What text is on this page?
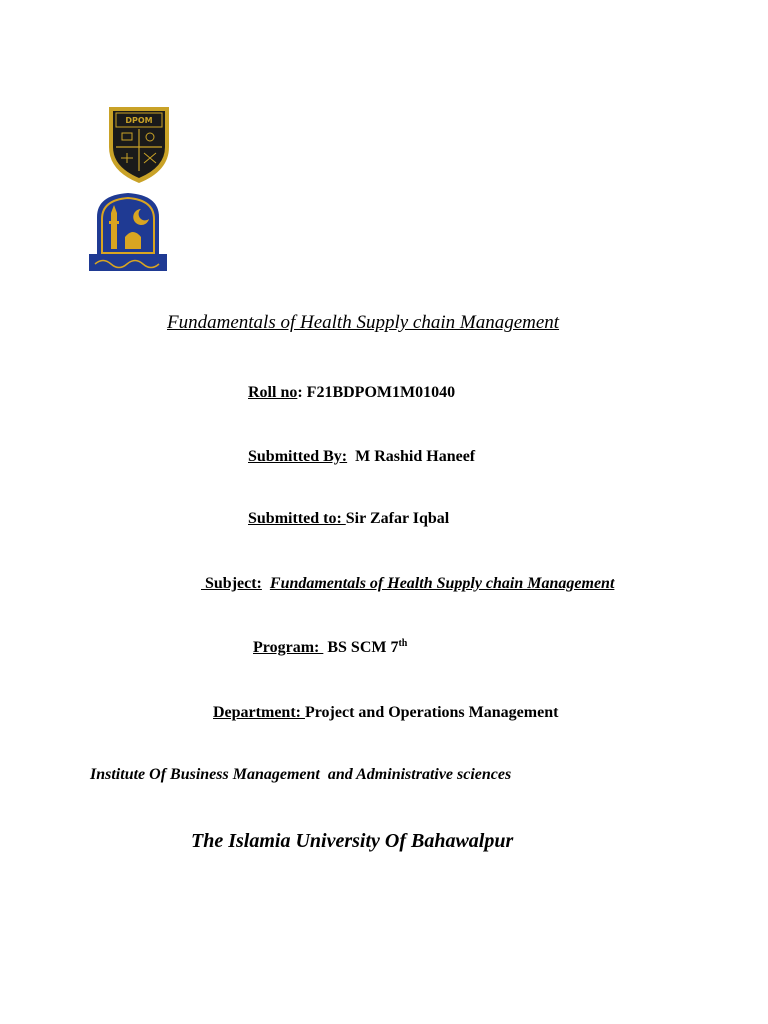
DPOM
Fundamentals of Health Supply chain Management
Roll no: F21BDPOM1M01040
Submitted By: M Rashid Haneef
Submitted to: Sir Zafar Iqbal
Subject: Fundamentals of Health Supply chain Management
Program:  BS SCM 7th
Department: Project and Operations Management
Institute Of Business Management  and Administrative sciences
The Islamia University Of Bahawalpur
